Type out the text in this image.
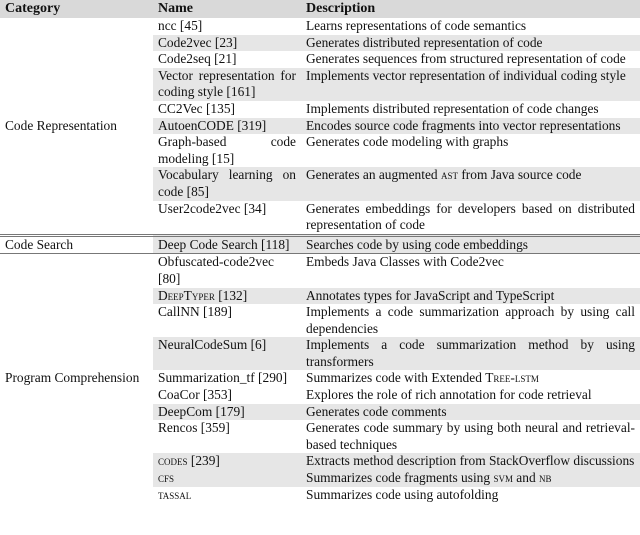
Category	Name	Description
Code Representation	ncc [45]	Learns representations of code semantics
	Code2vec [23]	Generates distributed representation of code
	Code2seq [21]	Generates sequences from structured representation of code
	Vector representation for coding style [161]	Implements vector representation of individual coding style
	CC2Vec [135]	Implements distributed representation of code changes
	AutoenCODE [319]	Encodes source code fragments into vector representations
	Graph-based code modeling [15]	Generates code modeling with graphs
	Vocabulary learning on code [85]	Generates an augmented ast from Java source code
	User2code2vec [34]	Generates embeddings for developers based on distributed representation of code
Code Search	Deep Code Search [118]	Searches code by using code embeddings
Program Comprehension	Obfuscated-code2vec [80]	Embeds Java Classes with Code2vec
	DeepTyper [132]	Annotates types for JavaScript and TypeScript
	CallNN [189]	Implements a code summarization approach by using call dependencies
	NeuralCodeSum [6]	Implements a code summarization method by using transformers
	Summarization_tf [290]	Summarizes code with Extended Tree-lstm
	CoaCor [353]	Explores the role of rich annotation for code retrieval
	DeepCom [179]	Generates code comments
	Rencos [359]	Generates code summary by using both neural and retrieval-based techniques
	codes [239]	Extracts method description from StackOverflow discussions
	cfs	Summarizes code fragments using svm and nb
	tassal	Summarizes code using autofolding
